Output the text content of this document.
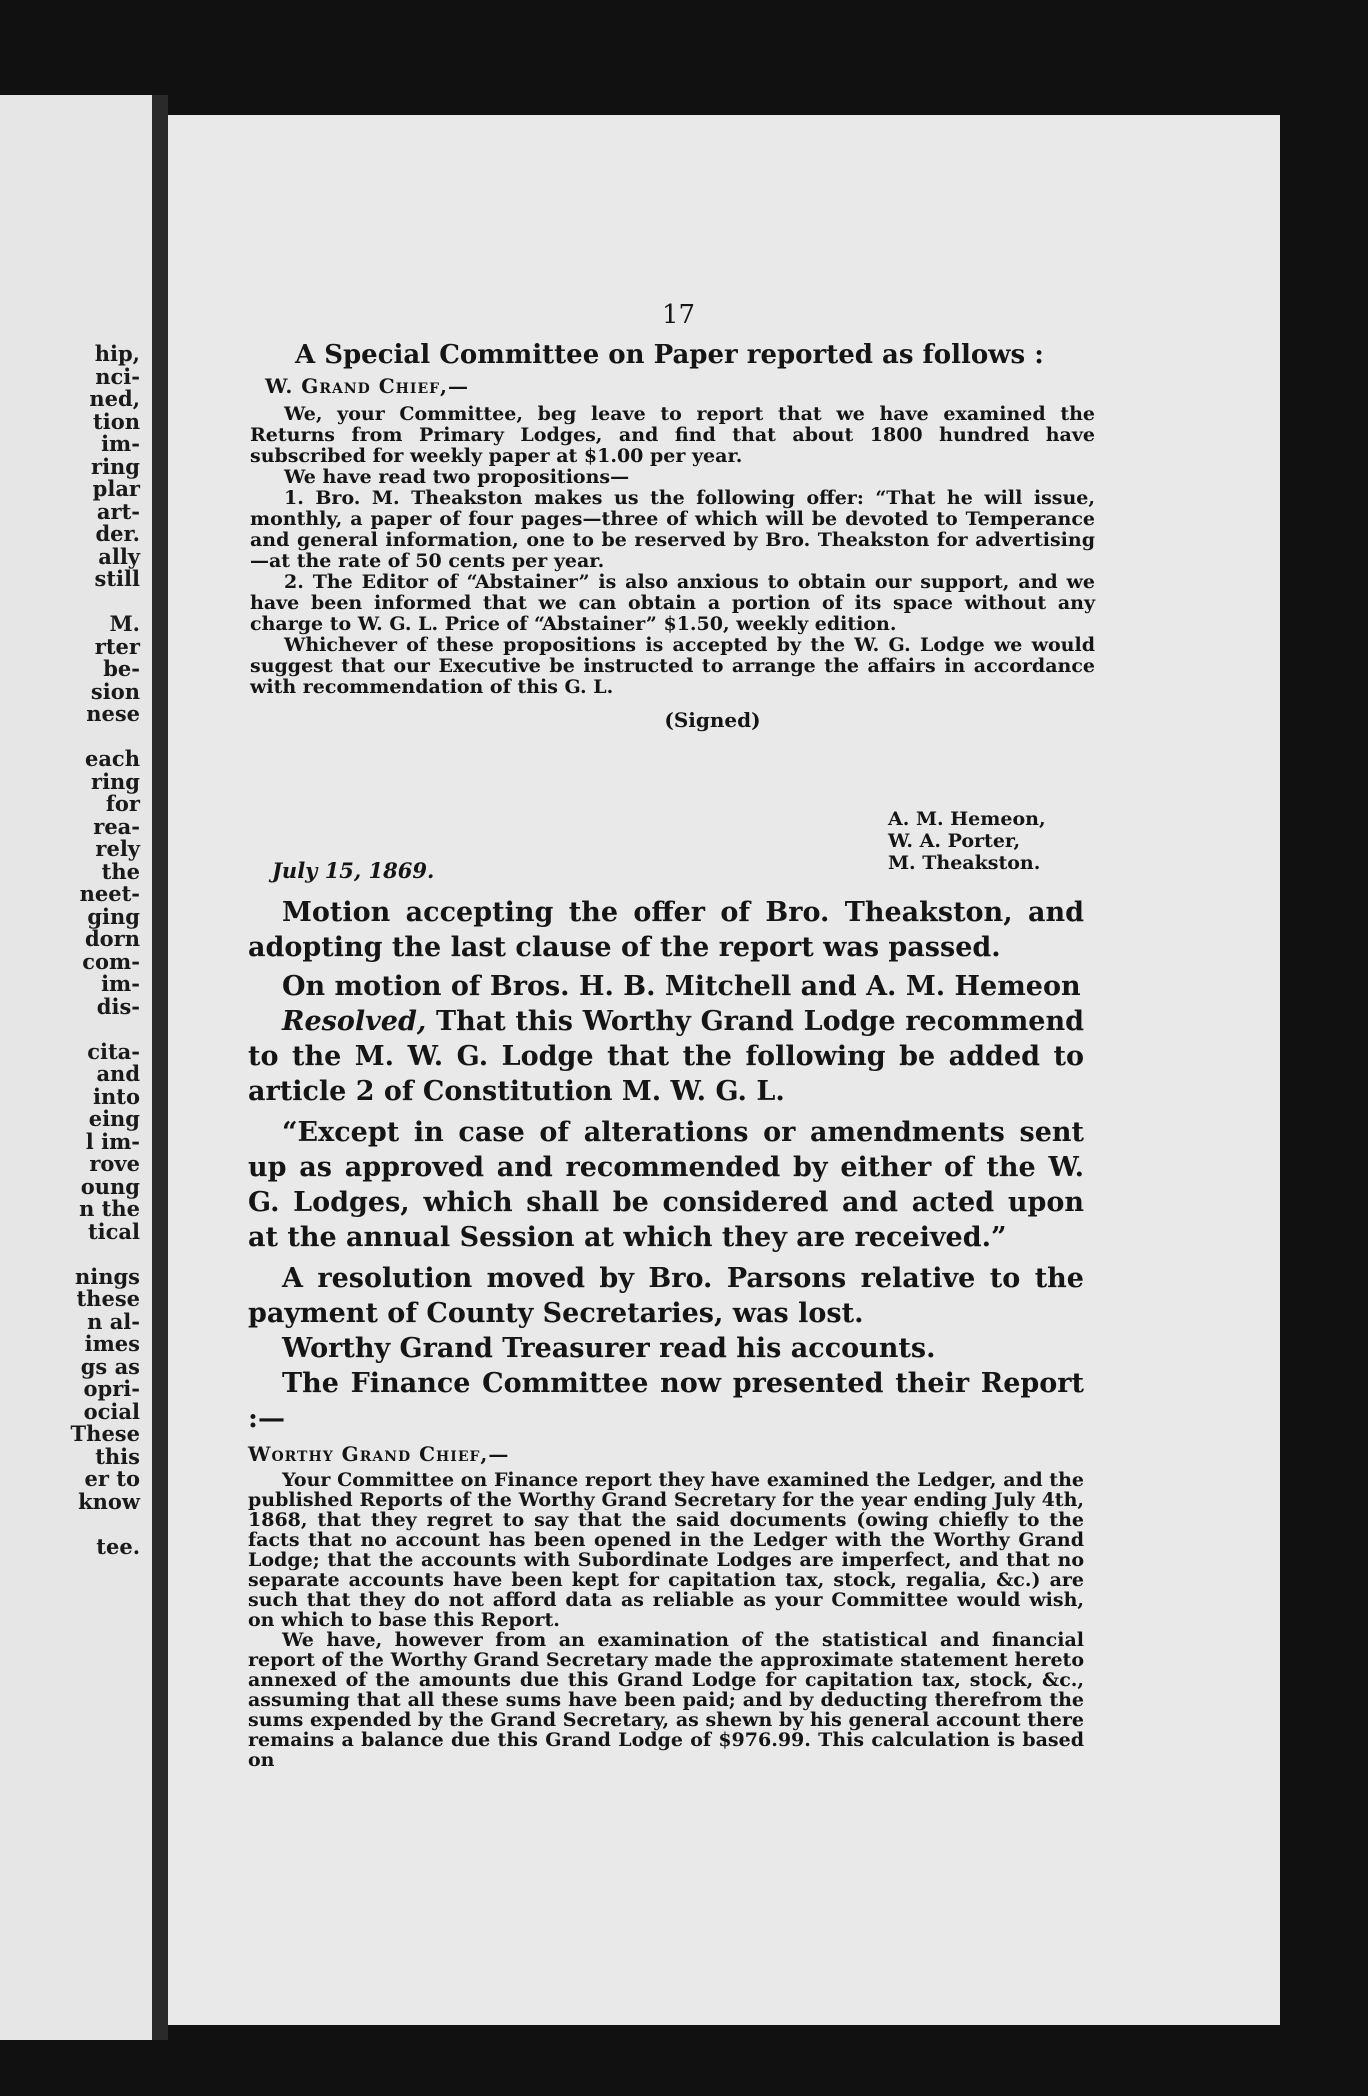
hip,
nci-
ned,
tion
im-
ring
plar
art-
der.
ally
still
M.
rter
be-
sion
nese
each
ring
for
rea-
rely
the
neet-
ging
dorn
com-
im-
dis-
cita-
and
into
eing
l im-
rove
oung
n the
tical
nings
these
n al-
imes
gs as
opri-
ocial
These
this
er to
know
tee.
17

A Special Committee on Paper reported as follows :

W. Grand Chief,—

We, your Committee, beg leave to report that we have examined the Returns from Primary Lodges, and find that about 1800 hundred have subscribed for weekly paper at $1.00 per year.

We have read two propositions—

1. Bro. M. Theakston makes us the following offer: “That he will issue, monthly, a paper of four pages—three of which will be devoted to Temperance and general information, one to be reserved by Bro. Theakston for advertising—at the rate of 50 cents per year.

2. The Editor of “Abstainer” is also anxious to obtain our support, and we have been informed that we can obtain a portion of its space without any charge to W. G. L. Price of “Abstainer” $1.50, weekly edition.

Whichever of these propositions is accepted by the W. G. Lodge we would suggest that our Executive be instructed to arrange the affairs in accordance with recommendation of this G. L.

(Signed)

A. M. Hemeon,
W. A. Porter,
M. Theakston.
July 15, 1869.

Motion accepting the offer of Bro. Theakston, and adopting the last clause of the report was passed.

On motion of Bros. H. B. Mitchell and A. M. Hemeon

Resolved, That this Worthy Grand Lodge recommend to the M. W. G. Lodge that the following be added to article 2 of Constitution M. W. G. L.

“Except in case of alterations or amendments sent up as approved and recommended by either of the W. G. Lodges, which shall be considered and acted upon at the annual Session at which they are received.”

A resolution moved by Bro. Parsons relative to the payment of County Secretaries, was lost.

Worthy Grand Treasurer read his accounts.

The Finance Committee now presented their Report :—

Worthy Grand Chief,—

Your Committee on Finance report they have examined the Ledger, and the published Reports of the Worthy Grand Secretary for the year ending July 4th, 1868, that they regret to say that the said documents (owing chiefly to the facts that no account has been opened in the Ledger with the Worthy Grand Lodge; that the accounts with Subordinate Lodges are imperfect, and that no separate accounts have been kept for capitation tax, stock, regalia, &c.) are such that they do not afford data as reliable as your Committee would wish, on which to base this Report.

We have, however from an examination of the statistical and financial report of the Worthy Grand Secretary made the approximate statement hereto annexed of the amounts due this Grand Lodge for capitation tax, stock, &c., assuming that all these sums have been paid; and by deducting therefrom the sums expended by the Grand Secretary, as shewn by his general account there remains a balance due this Grand Lodge of $976.99. This calculation is based on
